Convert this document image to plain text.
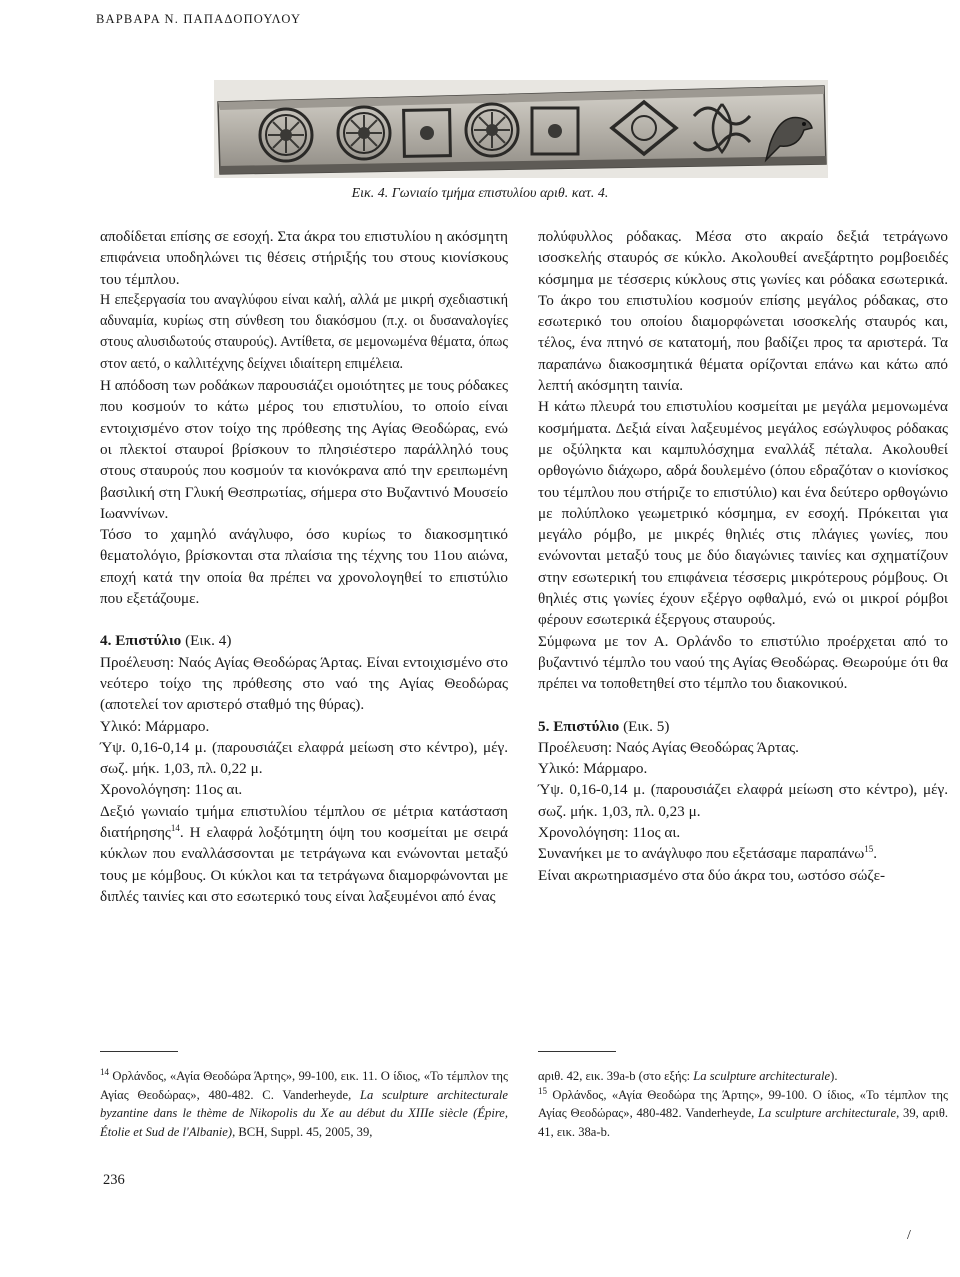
ΒΑΡΒΑΡΑ Ν. ΠΑΠΑΔΟΠΟΥΛΟΥ
Εικ. 4. Γωνιαίο τμήμα επιστυλίου αριθ. κατ. 4.

αποδίδεται επίσης σε εσοχή. Στα άκρα του επιστυλίου η ακόσμητη επιφάνεια υποδηλώνει τις θέσεις στήριξής του στους κιονίσκους του τέμπλου.

Η επεξεργασία του αναγλύφου είναι καλή, αλλά με μικρή σχεδιαστική αδυναμία, κυρίως στη σύνθεση του διακόσμου (π.χ. οι δυσαναλογίες στους αλυσιδωτούς σταυρούς). Αντίθετα, σε μεμονωμένα θέματα, όπως στον αετό, ο καλλιτέχνης δείχνει ιδιαίτερη επιμέλεια.

Η απόδοση των ροδάκων παρουσιάζει ομοιότητες με τους ρόδακες που κοσμούν το κάτω μέρος του επιστυλίου, το οποίο είναι εντοιχισμένο στον τοίχο της πρόθεσης της Αγίας Θεοδώρας, ενώ οι πλεκτοί σταυροί βρίσκουν το πλησιέστερο παράλληλό τους στους σταυρούς που κοσμούν τα κιονόκρανα από την ερειπωμένη βασιλική στη Γλυκή Θεσπρωτίας, σήμερα στο Βυζαντινό Μουσείο Ιωαννίνων.

Τόσο το χαμηλό ανάγλυφο, όσο κυρίως το διακοσμητικό θεματολόγιο, βρίσκονται στα πλαίσια της τέχνης του 11ου αιώνα, εποχή κατά την οποία θα πρέπει να χρονολογηθεί το επιστύλιο που εξετάζουμε.

4. Επιστύλιο (Εικ. 4)

Προέλευση: Ναός Αγίας Θεοδώρας Άρτας. Είναι εντοιχισμένο στο νεότερο τοίχο της πρόθεσης στο ναό της Αγίας Θεοδώρας (αποτελεί τον αριστερό σταθμό της θύρας).

Υλικό: Μάρμαρο.

Ύψ. 0,16-0,14 μ. (παρουσιάζει ελαφρά μείωση στο κέντρο), μέγ. σωζ. μήκ. 1,03, πλ. 0,22 μ.

Χρονολόγηση: 11ος αι.

Δεξιό γωνιαίο τμήμα επιστυλίου τέμπλου σε μέτρια κατάσταση διατήρησης$^{14}$. Η ελαφρά λοξότμητη όψη του κοσμείται με σειρά κύκλων που εναλλάσσονται με τετράγωνα και ενώνονται μεταξύ τους με κόμβους. Οι κύκλοι και τα τετράγωνα διαμορφώνονται με διπλές ταινίες και στο εσωτερικό τους είναι λαξευμένοι από ένας

πολύφυλλος ρόδακας. Μέσα στο ακραίο δεξιά τετράγωνο ισοσκελής σταυρός σε κύκλο. Ακολουθεί ανεξάρτητο ρομβοειδές κόσμημα με τέσσερις κύκλους στις γωνίες και ρόδακα εσωτερικά. Το άκρο του επιστυλίου κοσμούν επίσης μεγάλος ρόδακας, στο εσωτερικό του οποίου διαμορφώνεται ισοσκελής σταυρός και, τέλος, ένα πτηνό σε κατατομή, που βαδίζει προς τα αριστερά. Τα παραπάνω διακοσμητικά θέματα ορίζονται επάνω και κάτω από λεπτή ακόσμητη ταινία.

Η κάτω πλευρά του επιστυλίου κοσμείται με μεγάλα μεμονωμένα κοσμήματα. Δεξιά είναι λαξευμένος μεγάλος εσώγλυφος ρόδακας με οξύληκτα και καμπυλόσχημα εναλλάξ πέταλα. Ακολουθεί ορθογώνιο διάχωρο, αδρά δουλεμένο (όπου εδραζόταν ο κιονίσκος του τέμπλου που στήριζε το επιστύλιο) και ένα δεύτερο ορθογώνιο με πολύπλοκο γεωμετρικό κόσμημα, εν εσοχή. Πρόκειται για μεγάλο ρόμβο, με μικρές θηλιές στις πλάγιες γωνίες, που ενώνονται μεταξύ τους με δύο διαγώνιες ταινίες και σχηματίζουν στην εσωτερική του επιφάνεια τέσσερις μικρότερους ρόμβους. Οι θηλιές στις γωνίες έχουν εξέργο οφθαλμό, ενώ οι μικροί ρόμβοι φέρουν εσωτερικά έξεργους σταυρούς.

Σύμφωνα με τον Α. Ορλάνδο το επιστύλιο προέρχεται από το βυζαντινό τέμπλο του ναού της Αγίας Θεοδώρας. Θεωρούμε ότι θα πρέπει να τοποθετηθεί στο τέμπλο του διακονικού.

5. Επιστύλιο (Εικ. 5)

Προέλευση: Ναός Αγίας Θεοδώρας Άρτας.

Υλικό: Μάρμαρο.

Ύψ. 0,16-0,14 μ. (παρουσιάζει ελαφρά μείωση στο κέντρο), μέγ. σωζ. μήκ. 1,03, πλ. 0,23 μ.

Χρονολόγηση: 11ος αι.

Συνανήκει με το ανάγλυφο που εξετάσαμε παραπάνω$^{15}$.

Είναι ακρωτηριασμένο στα δύο άκρα του, ωστόσο σώζε-

$^{14}$ Ορλάνδος, «Αγία Θεοδώρα Άρτης», 99-100, εικ. 11. Ο ίδιος, «Το τέμπλον της Αγίας Θεοδώρας», 480-482. C. Vanderheyde, La sculpture architecturale byzantine dans le thème de Nikopolis du Xe au début du XIIIe siècle (Épire, Étolie et Sud de l'Albanie), BCH, Suppl. 45, 2005, 39,

αριθ. 42, εικ. 39a-b (στο εξής: La sculpture architecturale).

$^{15}$ Ορλάνδος, «Αγία Θεοδώρα της Άρτης», 99-100. Ο ίδιος, «Το τέμπλον της Αγίας Θεοδώρας», 480-482. Vanderheyde, La sculpture architecturale, 39, αριθ. 41, εικ. 38a-b.

236
/
